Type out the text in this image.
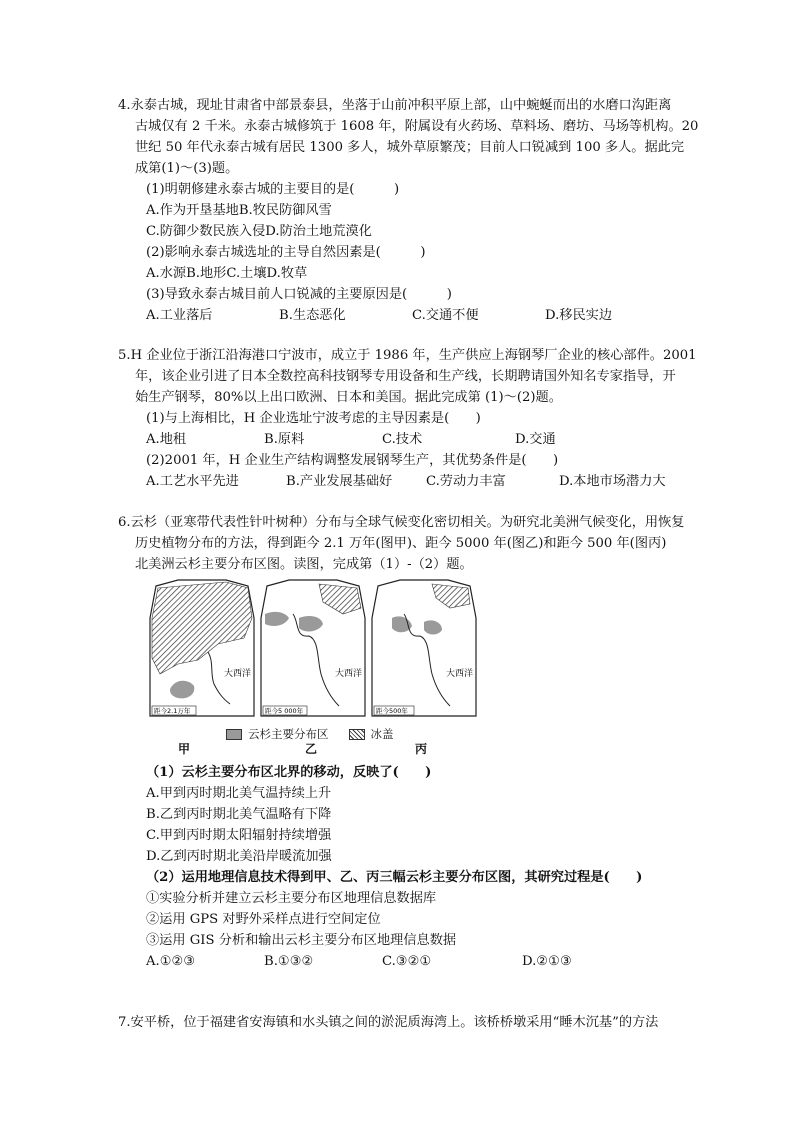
4.永泰古城，现址甘肃省中部景泰县，坐落于山前冲积平原上部，山中蜿蜒而出的水磨口沟距离
古城仅有 2 千米。永泰古城修筑于 1608 年，附属设有火药场、草料场、磨坊、马场等机构。20
世纪 50 年代永泰古城有居民 1300 多人，城外草原繁茂；目前人口锐减到 100 多人。据此完
成第(1)～(3)题。
(1)明朝修建永泰古城的主要目的是(　　　)
A.作为开垦基地B.牧民防御风雪
C.防御少数民族入侵D.防治土地荒漠化
(2)影响永泰古城选址的主导自然因素是(　　　)
A.水源B.地形C.土壤D.牧草
(3)导致永泰古城目前人口锐减的主要原因是(　　　)
A.工业落后	B.生态恶化	C.交通不便	D.移民实边
5.H 企业位于浙江沿海港口宁波市，成立于 1986 年，生产供应上海钢琴厂企业的核心部件。2001
年，该企业引进了日本全数控高科技钢琴专用设备和生产线，长期聘请国外知名专家指导，开
始生产钢琴，80%以上出口欧洲、日本和美国。据此完成第 (1)～(2)题。
(1)与上海相比，H 企业选址宁波考虑的主导因素是(　　)
A.地租	B.原料	C.技术	D.交通
(2)2001 年，H 企业生产结构调整发展钢琴生产，其优势条件是(　　)
A.工艺水平先进	B.产业发展基础好	C.劳动力丰富	D.本地市场潜力大
6.云杉（亚寒带代表性针叶树种）分布与全球气候变化密切相关。为研究北美洲气候变化，用恢复
历史植物分布的方法，得到距今 2.1 万年(图甲)、距今 5000 年(图乙)和距今 500 年(图丙)
北美洲云杉主要分布区图。读图，完成第（1）-（2）题。
大西洋
距今2.1万年
大西洋
距今5 000年
大西洋
距今500年
云杉主要分布区	冰盖
甲	乙	丙
（1）云杉主要分布区北界的移动，反映了(　　)
A.甲到丙时期北美气温持续上升
B.乙到丙时期北美气温略有下降
C.甲到丙时期太阳辐射持续增强
D.乙到丙时期北美沿岸暖流加强
（2）运用地理信息技术得到甲、乙、丙三幅云杉主要分布区图，其研究过程是(　　)
①实验分析并建立云杉主要分布区地理信息数据库
②运用 GPS 对野外采样点进行空间定位
③运用 GIS 分析和输出云杉主要分布区地理信息数据
A.①②③	B.①③②	C.③②①	D.②①③
7.安平桥，位于福建省安海镇和水头镇之间的淤泥质海湾上。该桥桥墩采用“睡木沉基”的方法
